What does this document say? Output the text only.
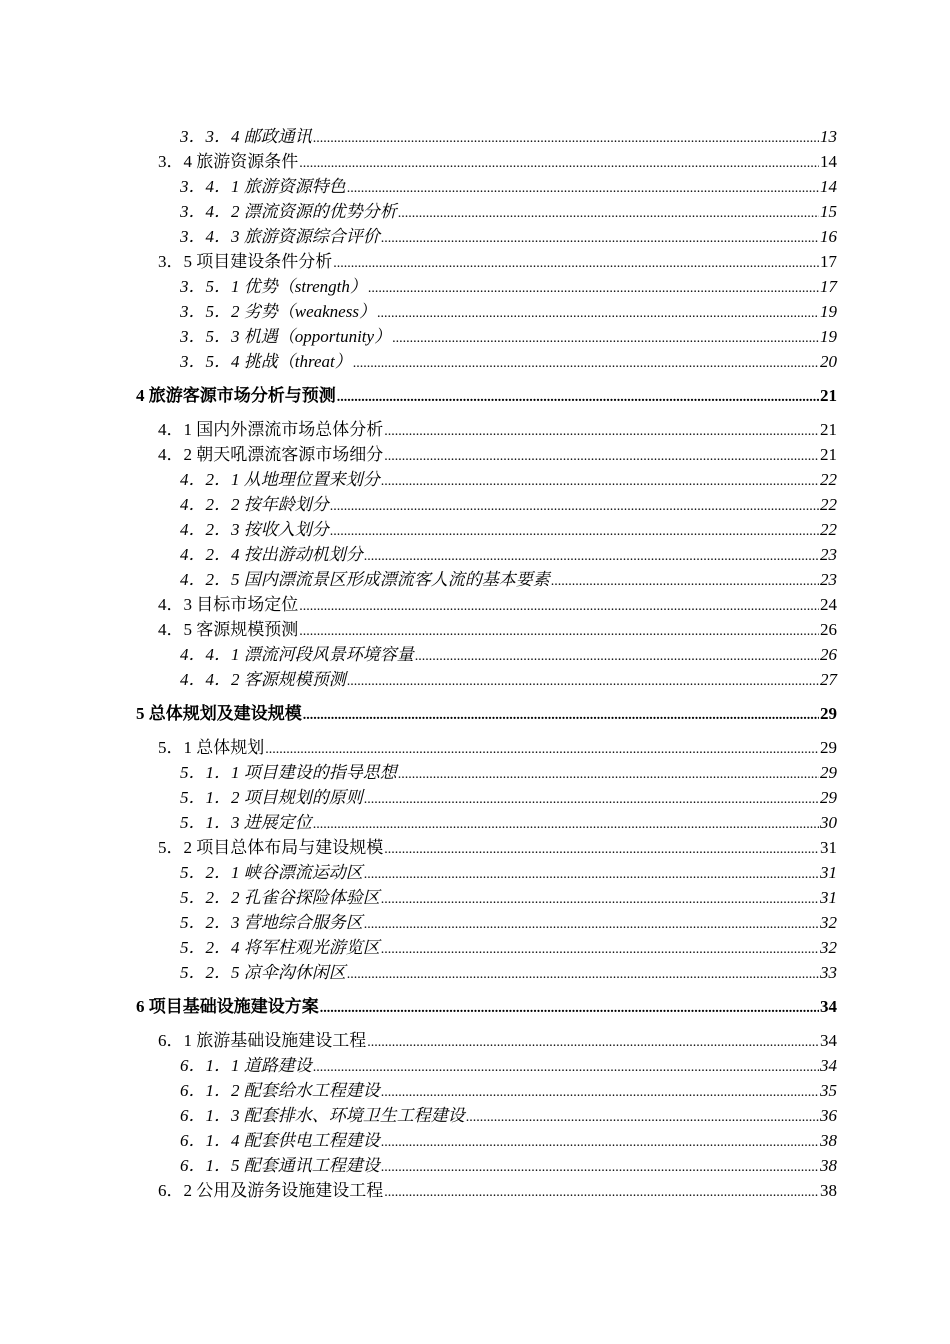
3．3．4 邮政通讯 .....	13
3．4 旅游资源条件 .....	14
3．4．1 旅游资源特色 .....	14
3．4．2 漂流资源的优势分析 .....	15
3．4．3 旅游资源综合评价 .....	16
3．5 项目建设条件分析 .....	17
3．5．1 优势（strength） .....	17
3．5．2 劣势（weakness） .....	19
3．5．3 机遇（opportunity） .....	19
3．5．4 挑战（threat） .....	20
4 旅游客源市场分析与预测 .....	21
4．1 国内外漂流市场总体分析 .....	21
4．2 朝天吼漂流客源市场细分 .....	21
4．2．1 从地理位置来划分 .....	22
4．2．2 按年龄划分 .....	22
4．2．3 按收入划分 .....	22
4．2．4 按出游动机划分 .....	23
4．2．5 国内漂流景区形成漂流客人流的基本要素 .....	23
4．3 目标市场定位 .....	24
4．5 客源规模预测 .....	26
4．4．1 漂流河段风景环境容量 .....	26
4．4．2 客源规模预测 .....	27
5 总体规划及建设规模 .....	29
5．1 总体规划 .....	29
5．1．1 项目建设的指导思想 .....	29
5．1．2 项目规划的原则 .....	29
5．1．3 进展定位 .....	30
5．2 项目总体布局与建设规模 .....	31
5．2．1 峡谷漂流运动区 .....	31
5．2．2 孔雀谷探险体验区 .....	31
5．2．3 营地综合服务区 .....	32
5．2．4 将军柱观光游览区 .....	32
5．2．5 凉伞沟休闲区 .....	33
6 项目基础设施建设方案 .....	34
6．1 旅游基础设施建设工程 .....	34
6．1．1 道路建设 .....	34
6．1．2 配套给水工程建设 .....	35
6．1．3 配套排水、环境卫生工程建设 .....	36
6．1．4 配套供电工程建设 .....	38
6．1．5 配套通讯工程建设 .....	38
6．2 公用及游务设施建设工程 .....	38
